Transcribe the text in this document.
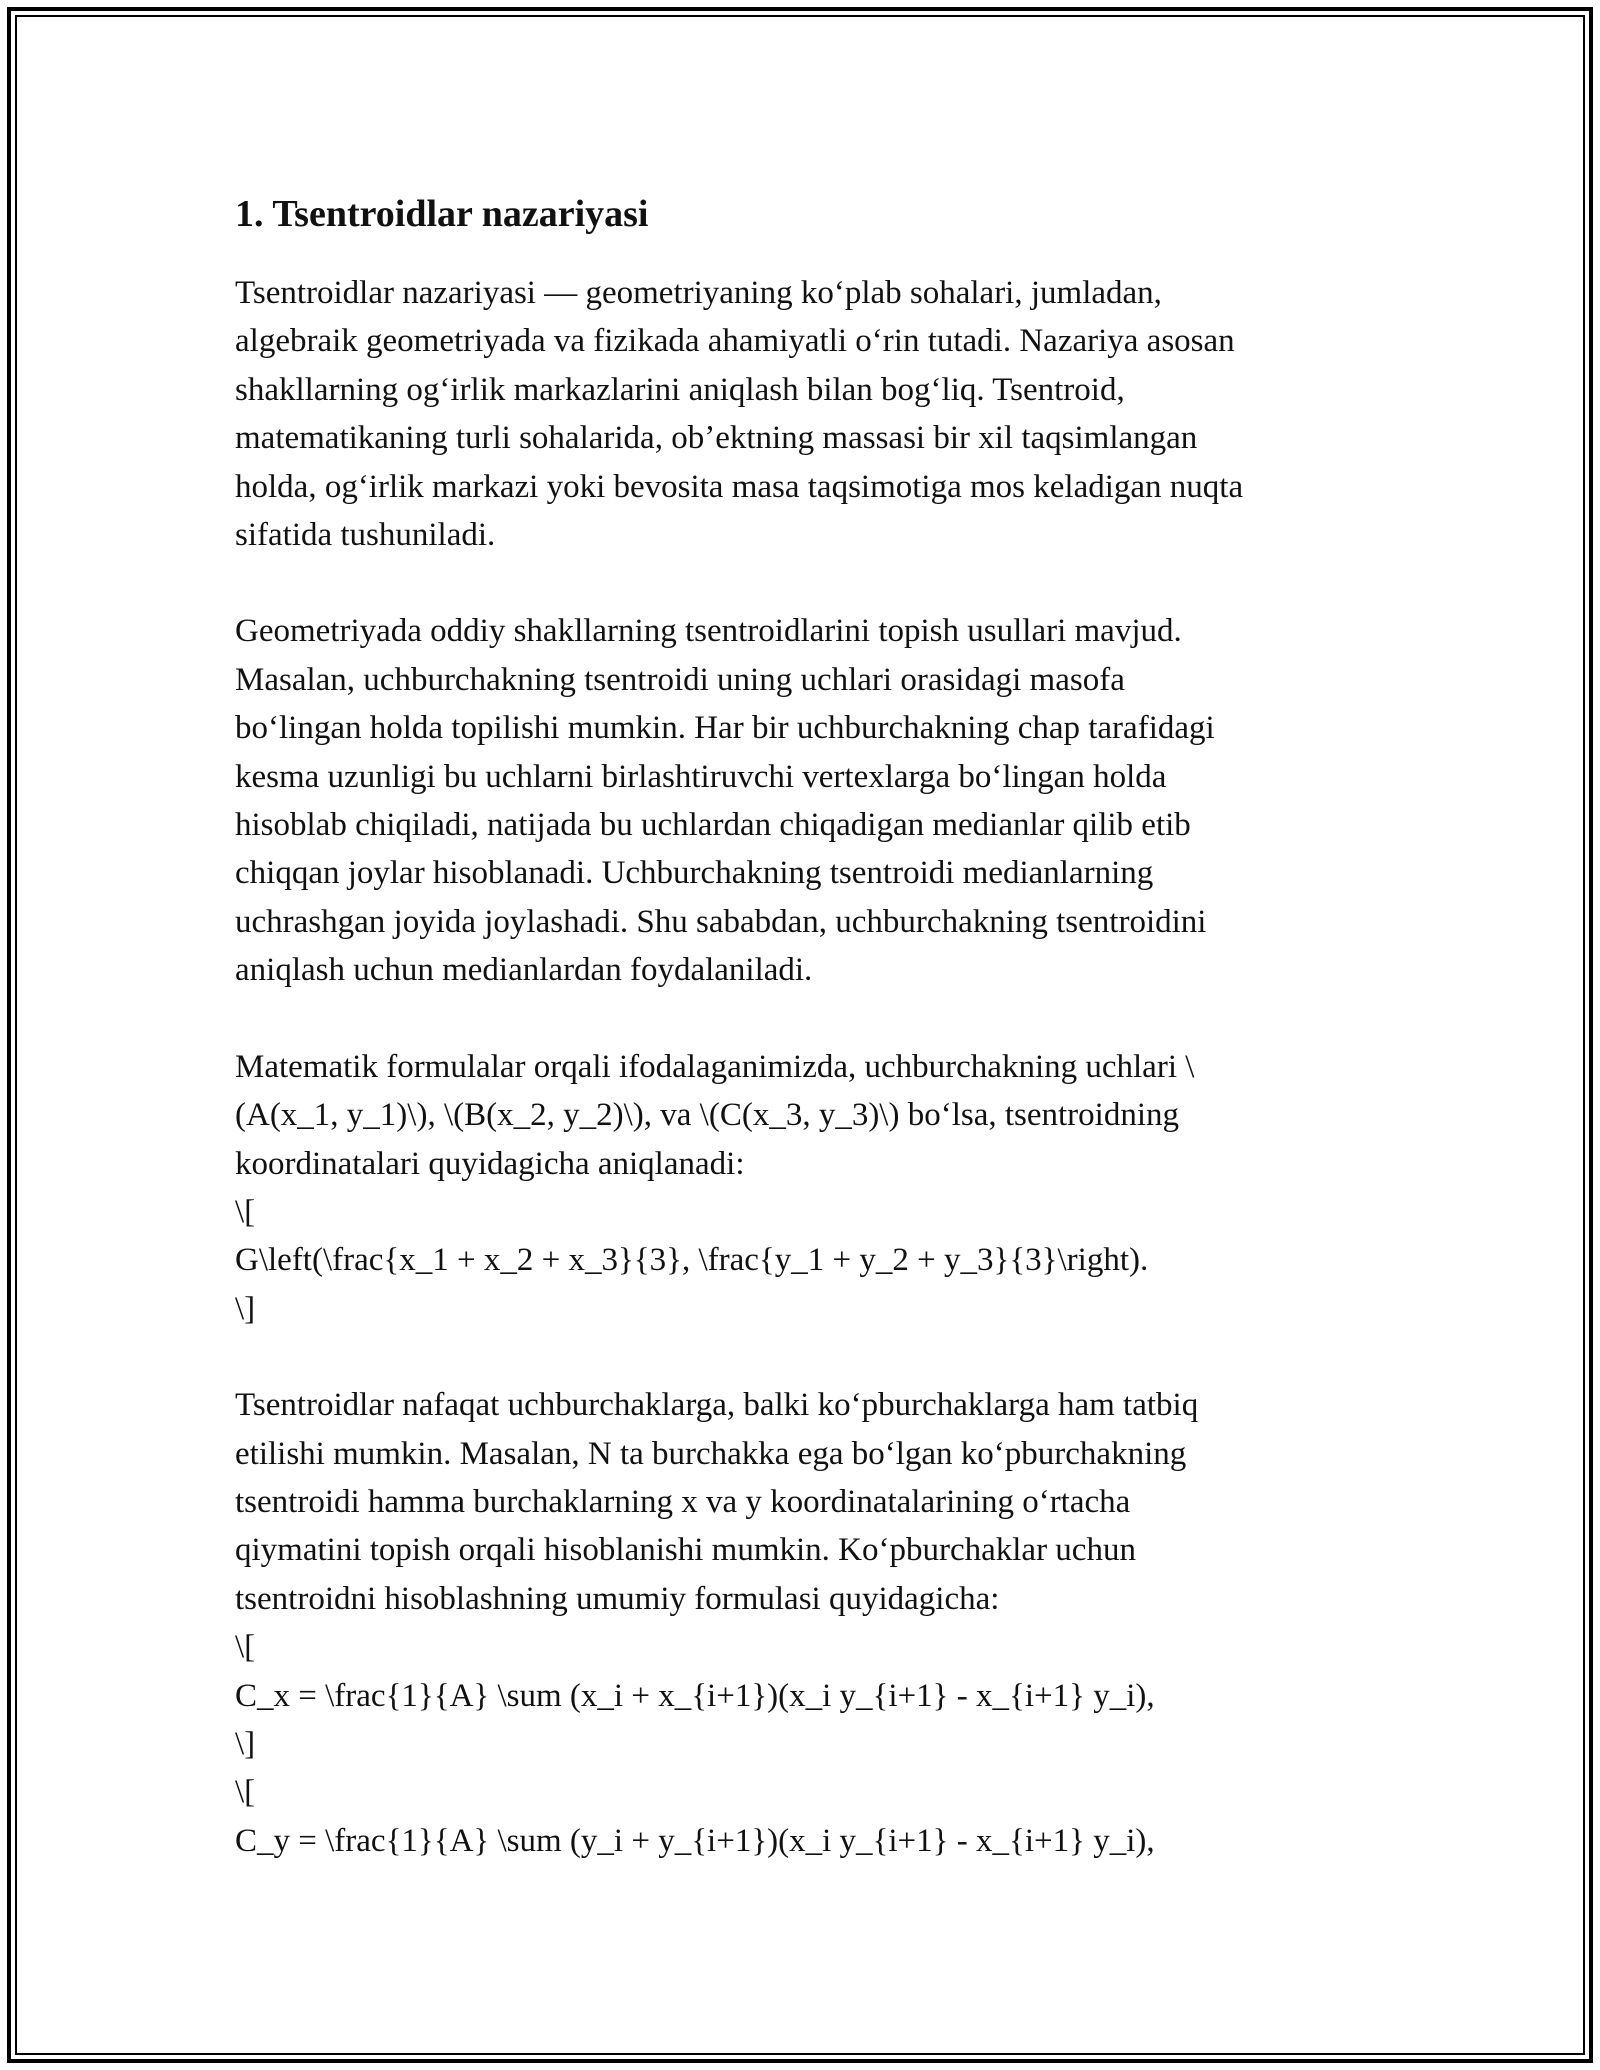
1. Tsentroidlar nazariyasi

Tsentroidlar nazariyasi — geometriyaning koʻplab sohalari, jumladan,
algebraik geometriyada va fizikada ahamiyatli oʻrin tutadi. Nazariya asosan
shakllarning ogʻirlik markazlarini aniqlash bilan bogʻliq. Tsentroid,
matematikaning turli sohalarida, obʼektning massasi bir xil taqsimlangan
holda, ogʻirlik markazi yoki bevosita masa taqsimotiga mos keladigan nuqta
sifatida tushuniladi.

Geometriyada oddiy shakllarning tsentroidlarini topish usullari mavjud.
Masalan, uchburchakning tsentroidi uning uchlari orasidagi masofa
boʻlingan holda topilishi mumkin. Har bir uchburchakning chap tarafidagi
kesma uzunligi bu uchlarni birlashtiruvchi vertexlarga boʻlingan holda
hisoblab chiqiladi, natijada bu uchlardan chiqadigan medianlar qilib etib
chiqqan joylar hisoblanadi. Uchburchakning tsentroidi medianlarning
uchrashgan joyida joylashadi. Shu sababdan, uchburchakning tsentroidini
aniqlash uchun medianlardan foydalaniladi.

Matematik formulalar orqali ifodalaganimizda, uchburchakning uchlari \
(A(x_1, y_1)\), \(B(x_2, y_2)\), va \(C(x_3, y_3)\) boʻlsa, tsentroidning
koordinatalari quyidagicha aniqlanadi:
\[
G\left(\frac{x_1 + x_2 + x_3}{3}, \frac{y_1 + y_2 + y_3}{3}\right).
\]

Tsentroidlar nafaqat uchburchaklarga, balki koʻpburchaklarga ham tatbiq
etilishi mumkin. Masalan, N ta burchakka ega boʻlgan koʻpburchakning
tsentroidi hamma burchaklarning x va y koordinatalarining oʻrtacha
qiymatini topish orqali hisoblanishi mumkin. Koʻpburchaklar uchun
tsentroidni hisoblashning umumiy formulasi quyidagicha:
\[
C_x = \frac{1}{A} \sum (x_i + x_{i+1})(x_i y_{i+1} - x_{i+1} y_i),
\]
\[
C_y = \frac{1}{A} \sum (y_i + y_{i+1})(x_i y_{i+1} - x_{i+1} y_i),
